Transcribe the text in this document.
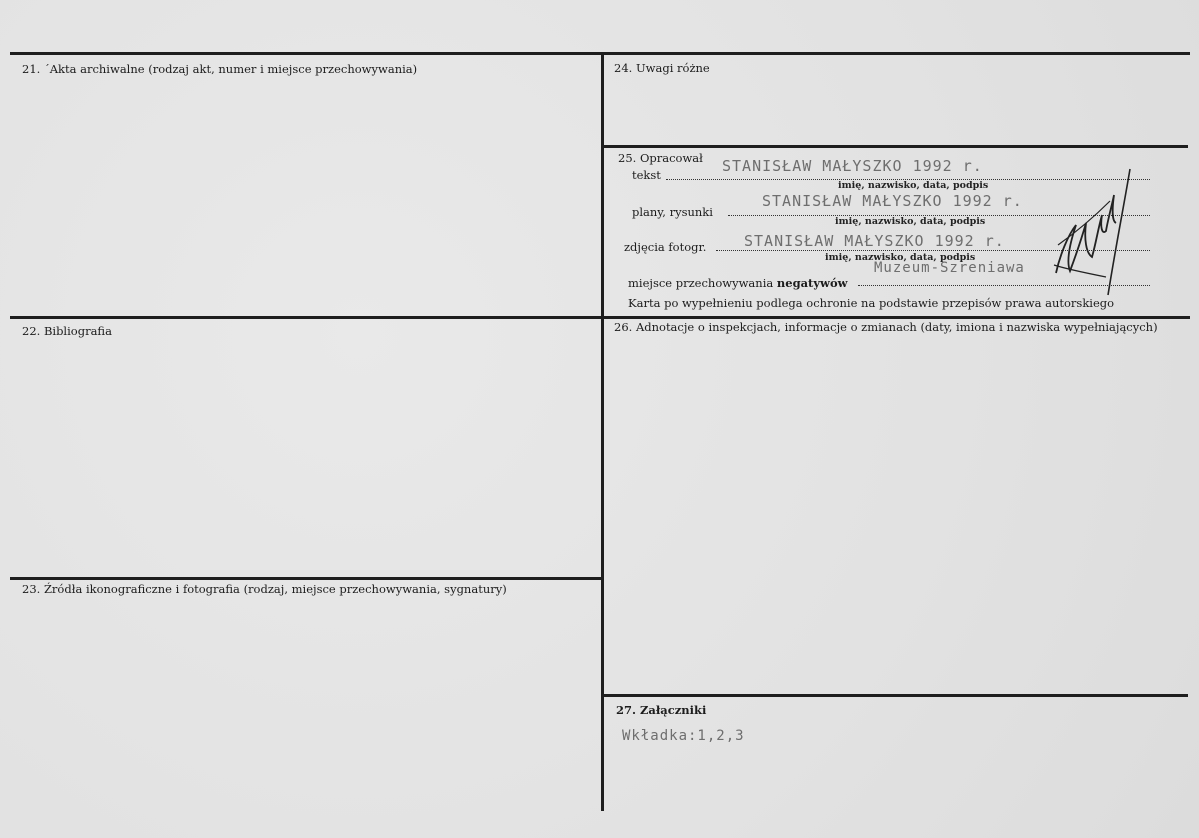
21. ´Akta archiwalne (rodzaj akt, numer i miejsce przechowywania)
22. Bibliografia
23. Źródła ikonograficzne i fotografia (rodzaj, miejsce przechowywania, sygnatury)
24. Uwagi różne
25. Opracował
tekst	STANISŁAW MAŁYSZKO 1992 r.
imię, nazwisko, data, podpis
plany, rysunki
STANISŁAW MAŁYSZKO 1992 r.
imię, nazwisko, data, podpis
zdjęcia fotogr.	STANISŁAW MAŁYSZKO 1992 r.
imię, nazwisko, data, podpis
miejsce przechowywania negatywów
Muzeum-Szreniawa
Karta po wypełnieniu podlega ochronie na podstawie przepisów prawa autorskiego
26. Adnotacje o inspekcjach, informacje o zmianach (daty, imiona i nazwiska wypełniających)
27. Załączniki
Wkładka:1,2,3
